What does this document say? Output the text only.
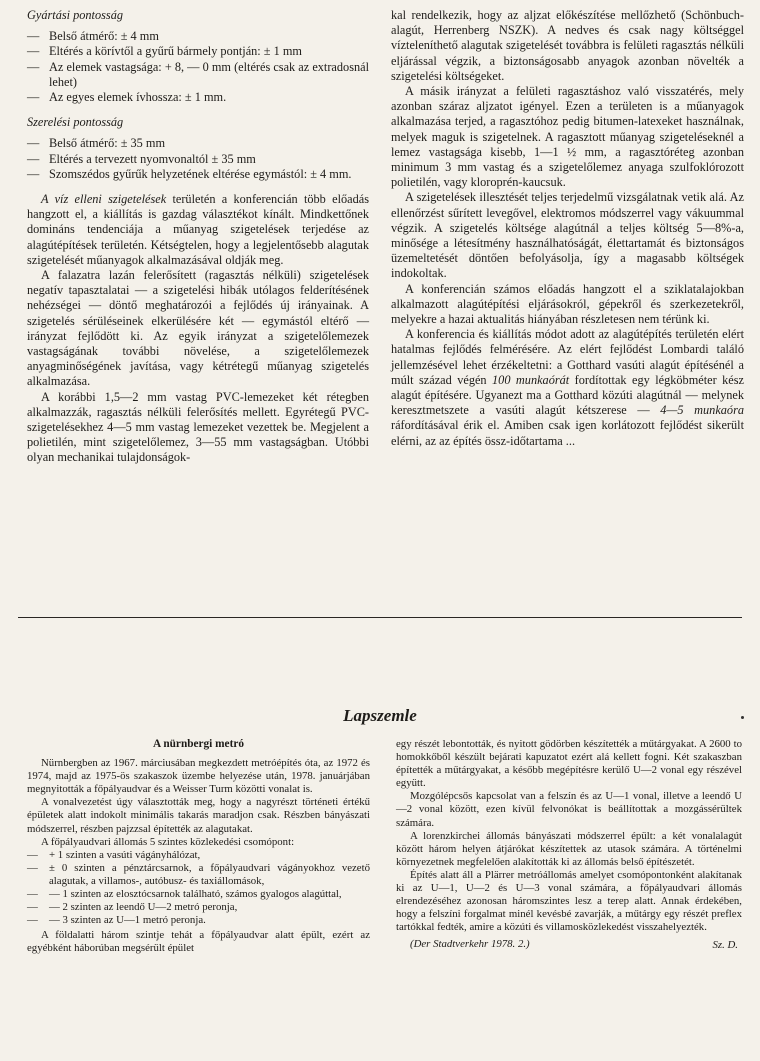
Gyártási pontosság

— Belső átmérő: ± 4 mm
— Eltérés a körívtől a gyűrű bármely pontján: ± 1 mm
— Az elemek vastagsága: + 8, — 0 mm (eltérés csak az extradosnál lehet)
— Az egyes elemek ívhossza: ± 1 mm.

Szerelési pontosság

— Belső átmérő: ± 35 mm
— Eltérés a tervezett nyomvonaltól ± 35 mm
— Szomszédos gyűrűk helyzetének eltérése egymástól: ± 4 mm.

A víz elleni szigetelések területén a konferencián több előadás hangzott el, a kiállítás is gazdag választékot kínált. Mindkettőnek domináns tendenciája a műanyag szigetelések terjedése az alagútépítések területén. Kétségtelen, hogy a legjelentősebb alagutak szigetelését műanyagok alkalmazásával oldják meg.

A falazatra lazán felerősített (ragasztás nélküli) szigetelések negatív tapasztalatai — a szigetelési hibák utólagos felderítésének nehézségei — döntő meghatározói a fejlődés új irányainak. A szigetelés sérüléseinek elkerülésére két — egymástól eltérő — irányzat fejlődött ki. Az egyik irányzat a szigetelőlemezek vastagságának további növelése, a szigetelőlemezek anyagminőségének javítása, vagy kétrétegű műanyag szigetelés alkalmazása.

A korábbi 1,5—2 mm vastag PVC-lemezeket két rétegben alkalmazzák, ragasztás nélküli felerősítés mellett. Egyrétegű PVC-szigetelésekhez 4—5 mm vastag lemezeket vezettek be. Megjelent a polietilén, mint szigetelőlemez, 3—55 mm vastagságban. Utóbbi olyan mechanikai tulajdonságok-

kal rendelkezik, hogy az aljzat előkészítése mellőzhető (Schönbuch-alagút, Herrenberg NSZK). A nedves és csak nagy költséggel vízteleníthető alagutak szigetelését továbbra is felületi ragasztás nélküli eljárással végzik, a biztonságosabb anyagok azonban növelték a szigetelési költségeket.

A másik irányzat a felületi ragasztáshoz való visszatérés, mely azonban száraz aljzatot igényel. Ezen a területen is a műanyagok alkalmazása terjed, a ragasztóhoz pedig bitumen-latexeket használnak, melyek maguk is szigetelnek. A ragasztott műanyag szigeteléseknél a lemez vastagsága kisebb, 1—1 ½ mm, a ragasztóréteg azonban minimum 3 mm vastag és a szigetelőlemez anyaga szulfoklórozott polietilén, vagy kloroprén-kaucsuk.

A szigetelések illesztését teljes terjedelmű vizsgálatnak vetik alá. Az ellenőrzést sűrített levegővel, elektromos módszerrel vagy vákuummal végzik. A szigetelés költsége alagútnál a teljes költség 5—8%-a, minősége a létesítmény használhatóságát, élettartamát és biztonságos üzemeltetését döntően befolyásolja, így a magasabb költségek indokoltak.

A konferencián számos előadás hangzott el a sziklatalajokban alkalmazott alagútépítési eljárásokról, gépekről és szerkezetekről, melyekre a hazai aktualitás hiányában részletesen nem térünk ki.

A konferencia és kiállítás módot adott az alagútépítés területén elért hatalmas fejlődés felmérésére. Az elért fejlődést Lombardi találó jellemzésével lehet érzékeltetni: a Gotthard vasúti alagút építésénél a múlt század végén 100 munkaórát fordítottak egy légköbméter kész alagút építésére. Ugyanezt ma a Gotthard közúti alagútnál — melynek keresztmetszete a vasúti alagút kétszerese — 4—5 munkaóra ráfordításával érik el. Amiben csak igen korlátozott fejlődést sikerült elérni, az az építés össz-időtartama ...

Lapszemle

A nürnbergi metró

Nürnbergben az 1967. márciusában megkezdett metróépítés óta, az 1972 és 1974, majd az 1975-ös szakaszok üzembe helyezése után, 1978. januárjában megnyitották a főpályaudvar és a Weisser Turm közötti vonalat is.

A vonalvezetést úgy választották meg, hogy a nagyrészt történeti értékű épületek alatt indokolt minimális takarás maradjon csak. Részben bányászati módszerrel, részben pajzzsal építették az alagutakat.

A főpályaudvari állomás 5 szintes közlekedési csomópont:

— + 1 szinten a vasúti vágányhálózat,
— ± 0 szinten a pénztárcsarnok, a főpályaudvari vágányokhoz vezető alagutak, a villamos-, autóbusz- és taxiállomások,
— — 1 szinten az elosztócsarnok található, számos gyalogos alagúttal,
— — 2 szinten az leendő U—2 metró peronja,
— — 3 szinten az U—1 metró peronja.

A földalatti három szintje tehát a főpályaudvar alatt épült, ezért az egyébként háborúban megsérült épület

egy részét lebontották, és nyitott gödörben készítették a műtárgyakat. A 2600 to homokkőből készült bejárati kapuzatot ezért alá kellett fogni. Két szakaszban építették a műtárgyakat, a később megépítésre kerülő U—2 vonal egy részével együtt.

Mozgólépcsős kapcsolat van a felszín és az U—1 vonal, illetve a leendő U—2 vonal között, ezen kívül felvonókat is beállítottak a mozgássérültek számára.

A lorenzkirchei állomás bányászati módszerrel épült: a két vonalalagút között három helyen átjárókat készítettek az utasok számára. A történelmi környezetnek megfelelően alakították ki az állomás belső építészetét.

Építés alatt áll a Plärrer metróállomás amelyet csomópontonként alakítanak ki az U—1, U—2 és U—3 vonal számára, a főpályaudvari állomás elrendezéséhez azonosan háromszintes lesz a terep alatt. Annak érdekében, hogy a felszíni forgalmat minél kevésbé zavarják, a műtárgy egy részét preflex tartókkal fedték, amire a közúti és villamosközlekedést visszahelyezték.

(Der Stadtverkehr 1978. 2.)	Sz. D.
